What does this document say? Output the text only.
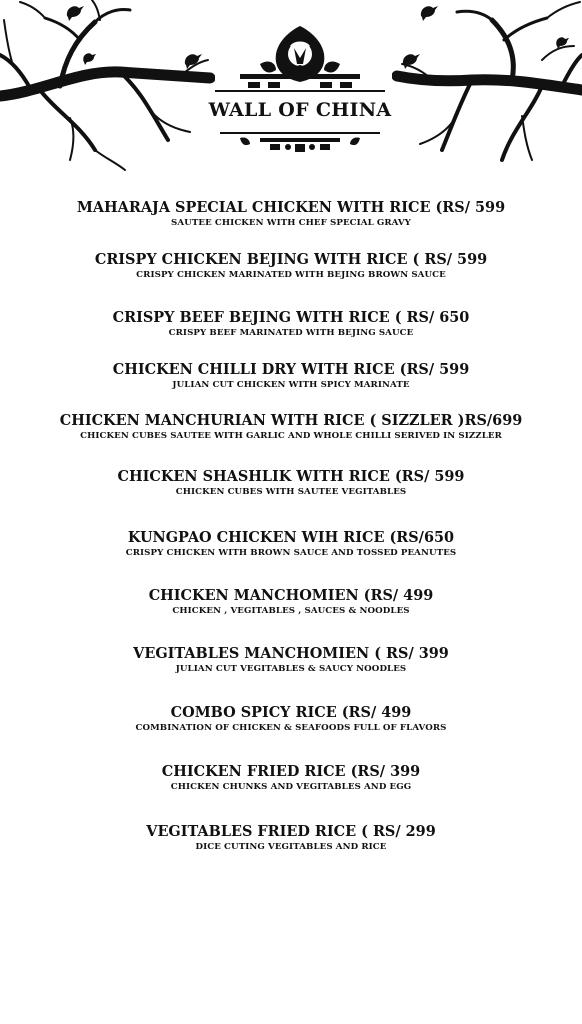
WALL OF CHINA
MAHARAJA SPECIAL CHICKEN WITH RICE (RS/ 599
SAUTEE CHICKEN WITH CHEF SPECIAL GRAVY
CRISPY CHICKEN BEJING WITH RICE ( RS/ 599
CRISPY CHICKEN MARINATED WITH BEJING BROWN SAUCE
CRISPY BEEF BEJING WITH RICE ( RS/ 650
CRISPY BEEF MARINATED WITH BEJING SAUCE
CHICKEN CHILLI DRY WITH RICE (RS/ 599
JULIAN CUT CHICKEN WITH SPICY MARINATE
CHICKEN MANCHURIAN WITH RICE ( SIZZLER )RS/699
CHICKEN CUBES SAUTEE WITH GARLIC AND WHOLE CHILLI SERIVED IN SIZZLER
CHICKEN SHASHLIK WITH RICE (RS/ 599
CHICKEN CUBES WITH SAUTEE VEGITABLES
KUNGPAO CHICKEN WIH RICE (RS/650
CRISPY CHICKEN WITH BROWN SAUCE AND TOSSED PEANUTES
CHICKEN MANCHOMIEN (RS/ 499
CHICKEN , VEGITABLES , SAUCES & NOODLES
VEGITABLES MANCHOMIEN ( RS/ 399
JULIAN CUT VEGITABLES & SAUCY NOODLES
COMBO SPICY RICE (RS/ 499
COMBINATION OF CHICKEN & SEAFOODS FULL OF FLAVORS
CHICKEN FRIED RICE (RS/ 399
CHICKEN CHUNKS AND VEGITABLES AND EGG
VEGITABLES FRIED RICE ( RS/ 299
DICE CUTING VEGITABLES AND RICE
